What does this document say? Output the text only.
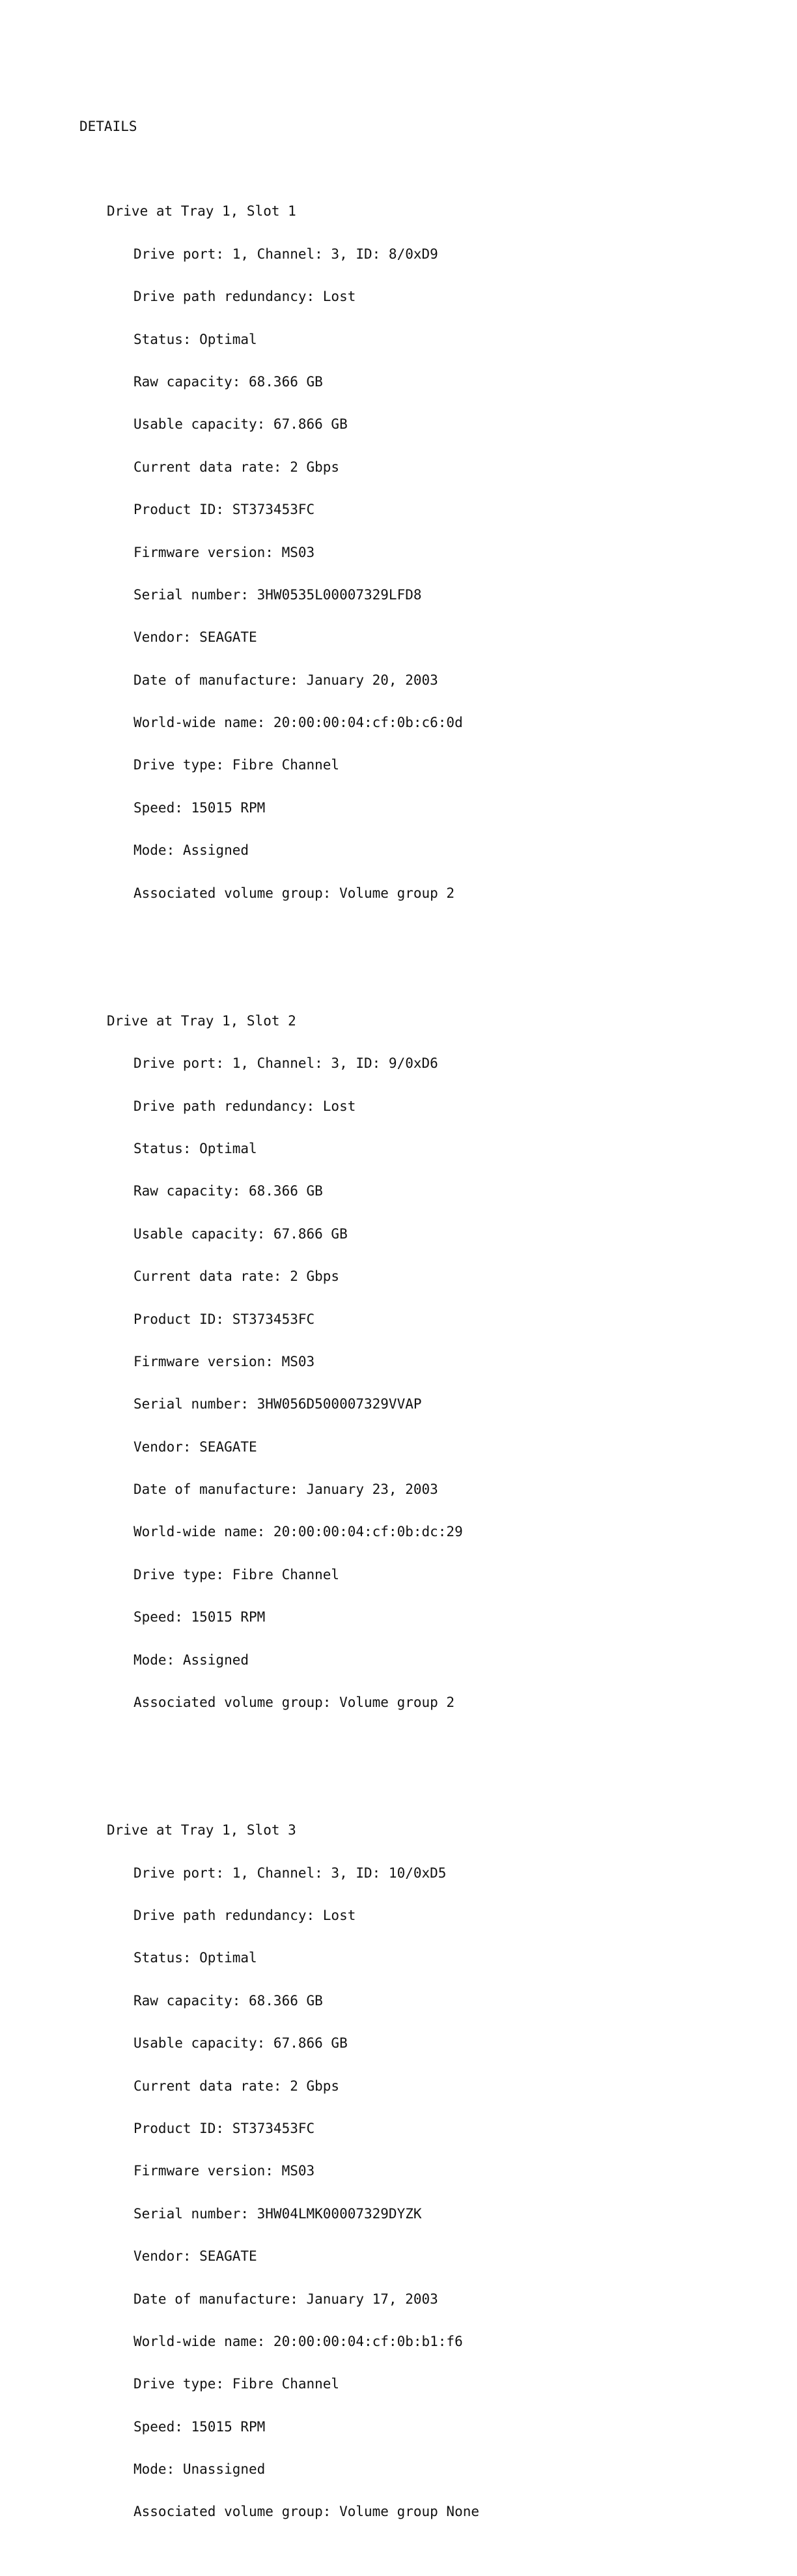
DETAILS

Drive at Tray 1, Slot 1

Drive port: 1, Channel: 3, ID: 8/0xD9

Drive path redundancy: Lost

Status: Optimal

Raw capacity: 68.366 GB

Usable capacity: 67.866 GB

Current data rate: 2 Gbps

Product ID: ST373453FC

Firmware version: MS03

Serial number: 3HW0535L00007329LFD8

Vendor: SEAGATE

Date of manufacture: January 20, 2003

World-wide name: 20:00:00:04:cf:0b:c6:0d

Drive type: Fibre Channel

Speed: 15015 RPM

Mode: Assigned

Associated volume group: Volume group 2

Drive at Tray 1, Slot 2

Drive port: 1, Channel: 3, ID: 9/0xD6

Drive path redundancy: Lost

Status: Optimal

Raw capacity: 68.366 GB

Usable capacity: 67.866 GB

Current data rate: 2 Gbps

Product ID: ST373453FC

Firmware version: MS03

Serial number: 3HW056D500007329VVAP

Vendor: SEAGATE

Date of manufacture: January 23, 2003

World-wide name: 20:00:00:04:cf:0b:dc:29

Drive type: Fibre Channel

Speed: 15015 RPM

Mode: Assigned

Associated volume group: Volume group 2

Drive at Tray 1, Slot 3

Drive port: 1, Channel: 3, ID: 10/0xD5

Drive path redundancy: Lost

Status: Optimal

Raw capacity: 68.366 GB

Usable capacity: 67.866 GB

Current data rate: 2 Gbps

Product ID: ST373453FC

Firmware version: MS03

Serial number: 3HW04LMK00007329DYZK

Vendor: SEAGATE

Date of manufacture: January 17, 2003

World-wide name: 20:00:00:04:cf:0b:b1:f6

Drive type: Fibre Channel

Speed: 15015 RPM

Mode: Unassigned

Associated volume group: Volume group None
